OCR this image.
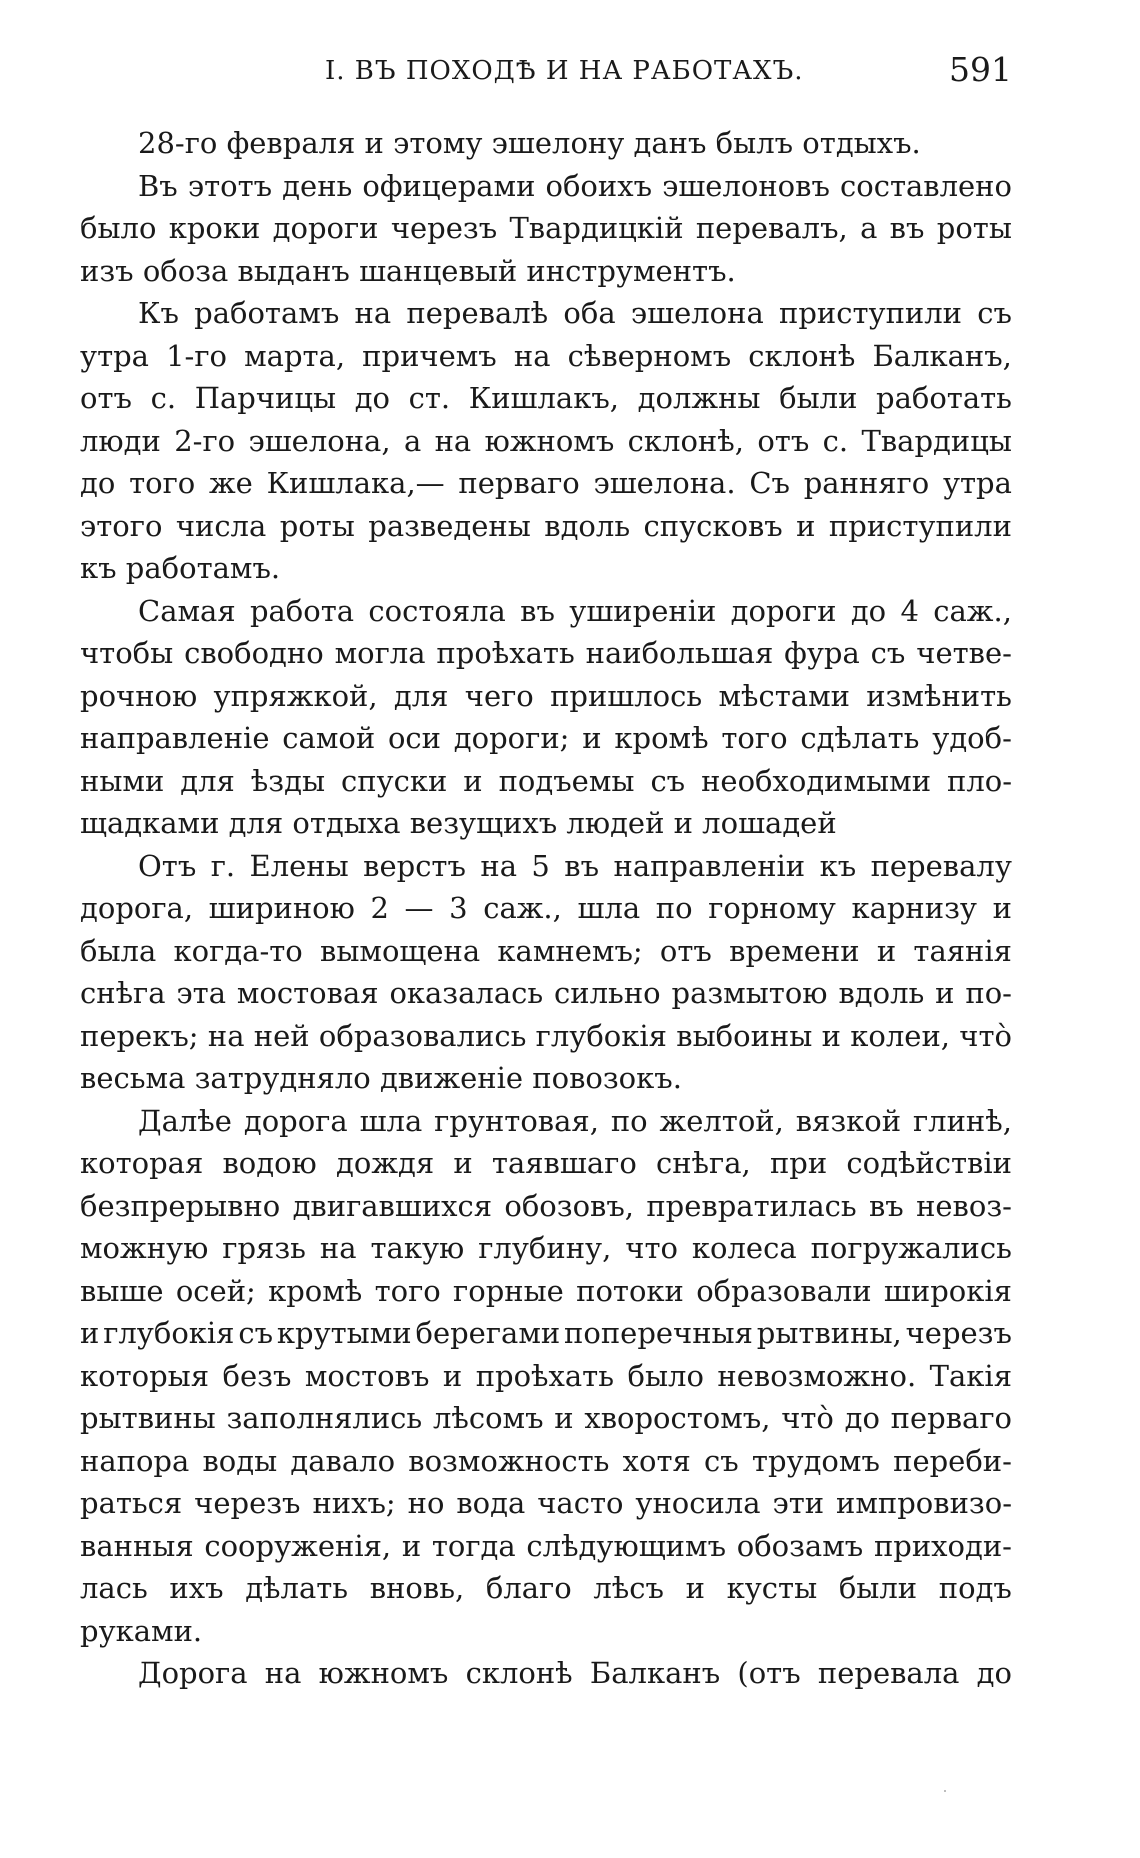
I. ВЪ ПОХОДѢ И НА РАБОТАХЪ.	591
28-го февраля и этому эшелону данъ былъ отдыхъ.
Въ этотъ день офицерами обоихъ эшелоновъ составлено
было кроки дороги черезъ Твардицкій перевалъ, а въ роты
изъ обоза выданъ шанцевый инструментъ.
Къ работамъ на перевалѣ оба эшелона приступили съ
утра 1-го марта, причемъ на сѣверномъ склонѣ Балканъ,
отъ с. Парчицы до ст. Кишлакъ, должны были работать
люди 2-го эшелона, а на южномъ склонѣ, отъ с. Твардицы
до того же Кишлака,— перваго эшелона. Съ ранняго утра
этого числа роты разведены вдоль спусковъ и приступили
къ работамъ.
Самая работа состояла въ уширеніи дороги до 4 саж.,
чтобы свободно могла проѣхать наибольшая фура съ четве-
рочною упряжкой, для чего пришлось мѣстами измѣнить
направленіе самой оси дороги; и кромѣ того сдѣлать удоб-
ными для ѣзды спуски и подъемы съ необходимыми пло-
щадками для отдыха везущихъ людей и лошадей
Отъ г. Елены верстъ на 5 въ направленіи къ перевалу
дорога, шириною 2 — 3 саж., шла по горному карнизу и
была когда-то вымощена камнемъ; отъ времени и таянія
снѣга эта мостовая оказалась сильно размытою вдоль и по-
перекъ; на ней образовались глубокія выбоины и колеи, что̀
весьма затрудняло движеніе повозокъ.
Далѣе дорога шла грунтовая, по желтой, вязкой глинѣ,
которая водою дождя и таявшаго снѣга, при содѣйствіи
безпрерывно двигавшихся обозовъ, превратилась въ невоз-
можную грязь на такую глубину, что колеса погружались
выше осей; кромѣ того горные потоки образовали широкія
и глубокія съ крутыми берегами поперечныя рытвины, черезъ
которыя безъ мостовъ и проѣхать было невозможно. Такія
рытвины заполнялись лѣсомъ и хворостомъ, что̀ до перваго
напора воды давало возможность хотя съ трудомъ переби-
раться черезъ нихъ; но вода часто уносила эти импровизо-
ванныя сооруженія, и тогда слѣдующимъ обозамъ приходи-
лась ихъ дѣлать вновь, благо лѣсъ и кусты были подъ
руками.
Дорога на южномъ склонѣ Балканъ (отъ перевала до
